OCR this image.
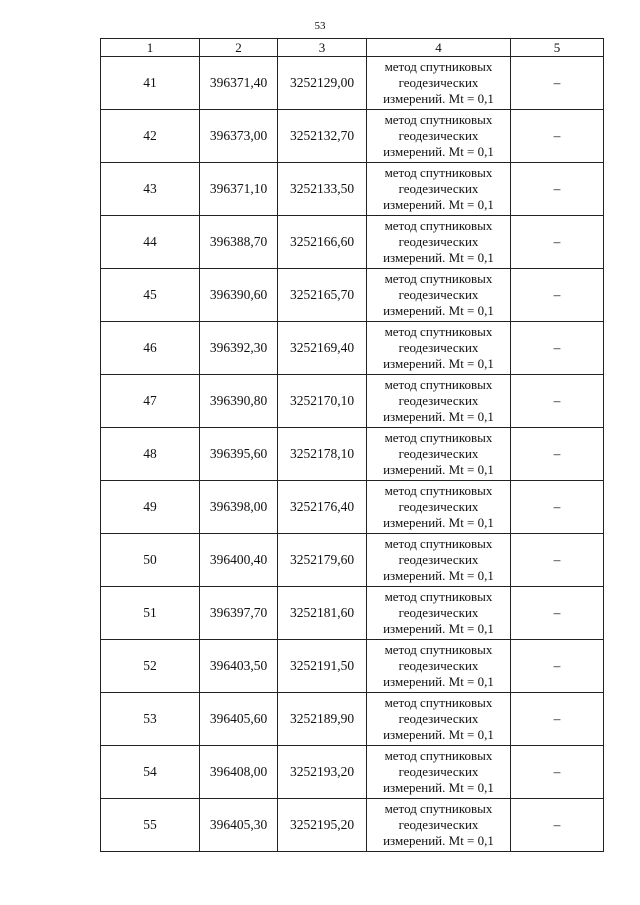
53
1	2	3	4	5
41	396371,40	3252129,00	метод спутниковых геодезических измерений. Mt = 0,1	–
42	396373,00	3252132,70	метод спутниковых геодезических измерений. Mt = 0,1	–
43	396371,10	3252133,50	метод спутниковых геодезических измерений. Mt = 0,1	–
44	396388,70	3252166,60	метод спутниковых геодезических измерений. Mt = 0,1	–
45	396390,60	3252165,70	метод спутниковых геодезических измерений. Mt = 0,1	–
46	396392,30	3252169,40	метод спутниковых геодезических измерений. Mt = 0,1	–
47	396390,80	3252170,10	метод спутниковых геодезических измерений. Mt = 0,1	–
48	396395,60	3252178,10	метод спутниковых геодезических измерений. Mt = 0,1	–
49	396398,00	3252176,40	метод спутниковых геодезических измерений. Mt = 0,1	–
50	396400,40	3252179,60	метод спутниковых геодезических измерений. Mt = 0,1	–
51	396397,70	3252181,60	метод спутниковых геодезических измерений. Mt = 0,1	–
52	396403,50	3252191,50	метод спутниковых геодезических измерений. Mt = 0,1	–
53	396405,60	3252189,90	метод спутниковых геодезических измерений. Mt = 0,1	–
54	396408,00	3252193,20	метод спутниковых геодезических измерений. Mt = 0,1	–
55	396405,30	3252195,20	метод спутниковых геодезических измерений. Mt = 0,1	–
